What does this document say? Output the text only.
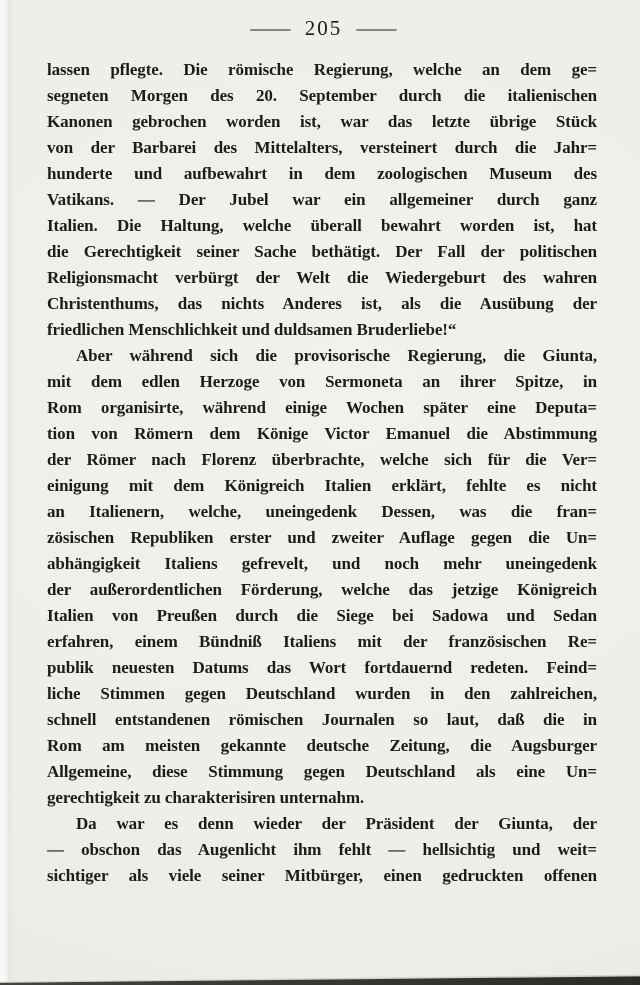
— 205 —

lassen pflegte. Die römische Regierung, welche an dem ge=
segneten Morgen des 20. September durch die italienischen
Kanonen gebrochen worden ist, war das letzte übrige Stück
von der Barbarei des Mittelalters, versteinert durch die Jahr=
hunderte und aufbewahrt in dem zoologischen Museum des
Vatikans. — Der Jubel war ein allgemeiner durch ganz
Italien. Die Haltung, welche überall bewahrt worden ist, hat
die Gerechtigkeit seiner Sache bethätigt. Der Fall der politischen
Religionsmacht verbürgt der Welt die Wiedergeburt des wahren
Christenthums, das nichts Anderes ist, als die Ausübung der
friedlichen Menschlichkeit und duldsamen Bruderliebe!“

Aber während sich die provisorische Regierung, die Giunta,
mit dem edlen Herzoge von Sermoneta an ihrer Spitze, in
Rom organisirte, während einige Wochen später eine Deputa=
tion von Römern dem Könige Victor Emanuel die Abstimmung
der Römer nach Florenz überbrachte, welche sich für die Ver=
einigung mit dem Königreich Italien erklärt, fehlte es nicht
an Italienern, welche, uneingedenk Dessen, was die fran=
zösischen Republiken erster und zweiter Auflage gegen die Un=
abhängigkeit Italiens gefrevelt, und noch mehr uneingedenk
der außerordentlichen Förderung, welche das jetzige Königreich
Italien von Preußen durch die Siege bei Sadowa und Sedan
erfahren, einem Bündniß Italiens mit der französischen Re=
publik neuesten Datums das Wort fortdauernd redeten. Feind=
liche Stimmen gegen Deutschland wurden in den zahlreichen,
schnell entstandenen römischen Journalen so laut, daß die in
Rom am meisten gekannte deutsche Zeitung, die Augsburger
Allgemeine, diese Stimmung gegen Deutschland als eine Un=
gerechtigkeit zu charakterisiren unternahm.

Da war es denn wieder der Präsident der Giunta, der
— obschon das Augenlicht ihm fehlt — hellsichtig und weit=
sichtiger als viele seiner Mitbürger, einen gedruckten offenen
